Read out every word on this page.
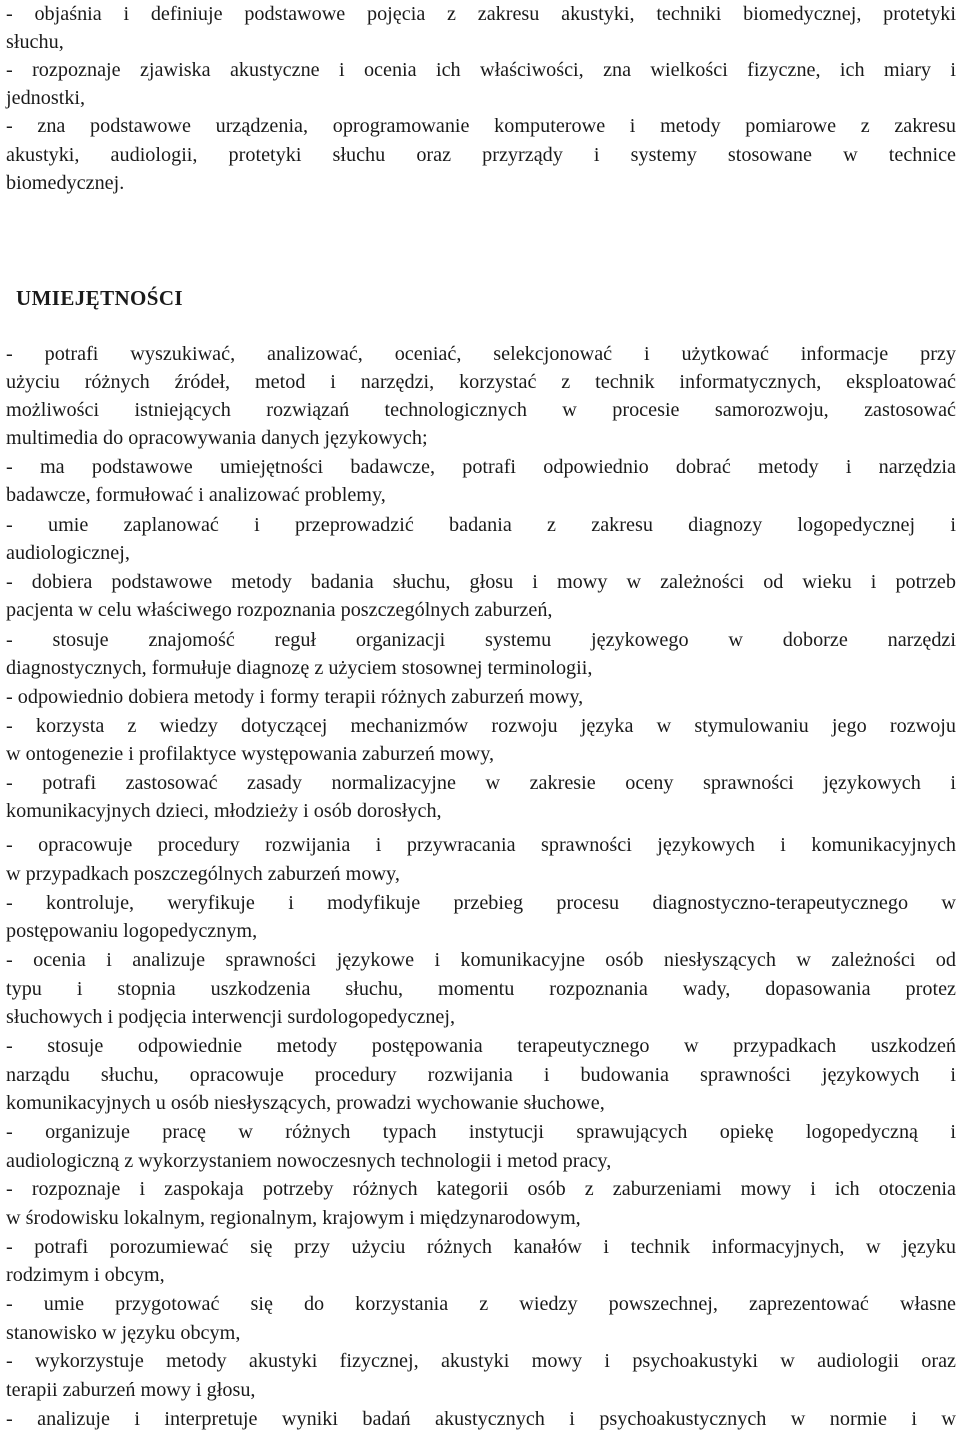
- objaśnia i definiuje podstawowe pojęcia z zakresu akustyki, techniki biomedycznej, protetyki
słuchu,
- rozpoznaje zjawiska akustyczne i ocenia ich właściwości, zna wielkości fizyczne, ich miary i
jednostki,
- zna podstawowe urządzenia, oprogramowanie komputerowe i metody pomiarowe z zakresu
akustyki, audiologii, protetyki słuchu oraz przyrządy i systemy stosowane w technice
biomedycznej.
UMIEJĘTNOŚCI
- potrafi wyszukiwać, analizować, oceniać, selekcjonować i użytkować informacje przy
użyciu różnych źródeł, metod i narzędzi, korzystać z technik informatycznych, eksploatować
możliwości istniejących rozwiązań technologicznych w procesie samorozwoju, zastosować
multimedia do opracowywania danych językowych;
- ma podstawowe umiejętności badawcze, potrafi odpowiednio dobrać metody i narzędzia
badawcze, formułować i analizować problemy,
- umie zaplanować i przeprowadzić badania z zakresu diagnozy logopedycznej i
audiologicznej,
- dobiera podstawowe metody badania słuchu, głosu i mowy w zależności od wieku i potrzeb
pacjenta w celu właściwego rozpoznania poszczególnych zaburzeń,
- stosuje znajomość reguł organizacji systemu językowego w doborze narzędzi
diagnostycznych, formułuje diagnozę z użyciem stosownej terminologii,
- odpowiednio dobiera metody i formy terapii różnych zaburzeń mowy,
- korzysta z wiedzy dotyczącej mechanizmów rozwoju języka w stymulowaniu jego rozwoju
w ontogenezie i profilaktyce występowania zaburzeń mowy,
- potrafi zastosować zasady normalizacyjne w zakresie oceny sprawności językowych i
komunikacyjnych dzieci, młodzieży i osób dorosłych,
- opracowuje procedury rozwijania i przywracania sprawności językowych i komunikacyjnych
w przypadkach poszczególnych zaburzeń mowy,
- kontroluje, weryfikuje i modyfikuje przebieg procesu diagnostyczno-terapeutycznego w
postępowaniu logopedycznym,
- ocenia i analizuje sprawności językowe i komunikacyjne osób niesłyszących w zależności od
typu i stopnia uszkodzenia słuchu, momentu rozpoznania wady, dopasowania protez
słuchowych i podjęcia interwencji surdologopedycznej,
- stosuje odpowiednie metody postępowania terapeutycznego w przypadkach uszkodzeń
narządu słuchu, opracowuje procedury rozwijania i budowania sprawności językowych i
komunikacyjnych u osób niesłyszących, prowadzi wychowanie słuchowe,
- organizuje pracę w różnych typach instytucji sprawujących opiekę logopedyczną i
audiologiczną z wykorzystaniem nowoczesnych technologii i metod pracy,
- rozpoznaje i zaspokaja potrzeby różnych kategorii osób z zaburzeniami mowy i ich otoczenia
w środowisku lokalnym, regionalnym, krajowym i międzynarodowym,
- potrafi porozumiewać się przy użyciu różnych kanałów i technik informacyjnych, w języku
rodzimym i obcym,
- umie przygotować się do korzystania z wiedzy powszechnej, zaprezentować własne
stanowisko w języku obcym,
- wykorzystuje metody akustyki fizycznej, akustyki mowy i psychoakustyki w audiologii oraz
terapii zaburzeń mowy i głosu,
- analizuje i interpretuje wyniki badań akustycznych i psychoakustycznych w normie i w
